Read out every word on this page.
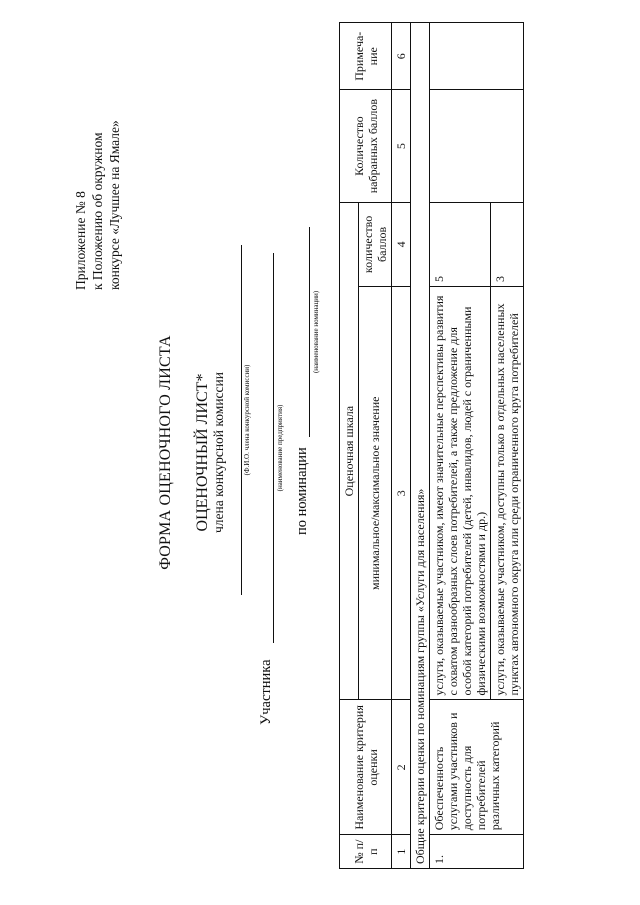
Приложение № 8 к Положению об окружном конкурсе «Лучшее на Ямале»
ФОРМА ОЦЕНОЧНОГО ЛИСТА ОЦЕНОЧНЫЙ ЛИСТ* члена конкурсной комиссии (Ф.И.О. члена конкурсной комиссии)
Участника
(наименование предприятия) по номинации
(наименование номинации)
№ п/п	Наименование критерия оценки	Оценочная шкала		Количество набранных баллов	Примеча-ние
		минимальное/максимальное значение	количество баллов		
1	2	3	4	5	6
Общие критерии оценки по номинациям группы «Услуги для населения»					
1.	Обеспеченность услугами участников и доступность для потребителей различных категорий	услуги, оказываемые участником, имеют значительные перспективы развития с охватом разнообразных слоев потребителей, а также предложение для особой категорий потребителей (детей, инвалидов, людей с ограниченными физическими возможностями и др.)	5		
		услуги, оказываемые участником, доступны только в отдельных населенных пунктах автономного округа или среди ограниченного круга потребителей	3		
